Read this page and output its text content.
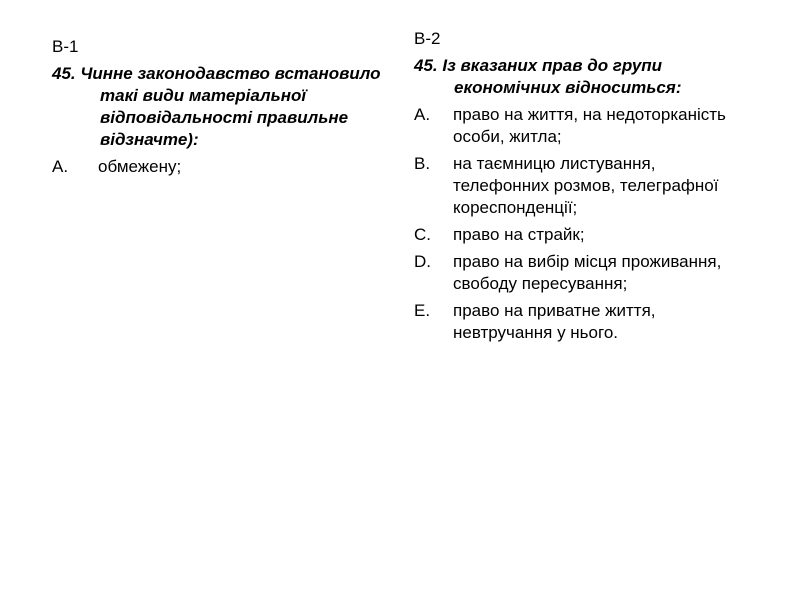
В-1
45. Чинне законодавство встановило такі види матеріальної відповідальності правильне відзначте):
A.	обмежену;
В-2
45. Із вказаних прав до групи економічних відноситься:
A.	право на життя, на недоторканість особи, житла;
B.	на таємницю листування, телефонних розмов, телеграфної кореспонденції;
C.	право на страйк;
D.	право на вибір місця проживання, свободу пересування;
E.	право на приватне життя, невтручання у нього.
